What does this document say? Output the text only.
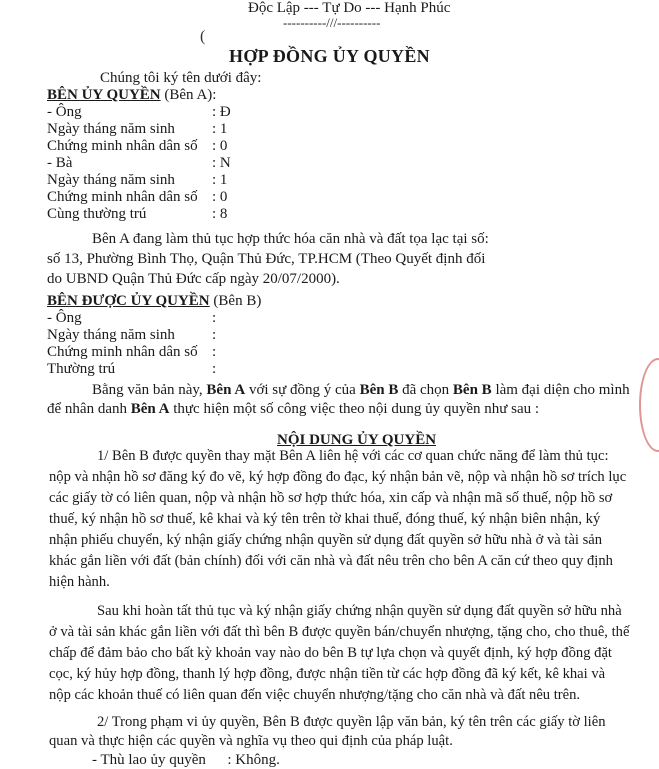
Độc Lập --- Tự Do --- Hạnh Phúc
----------///----------
(
HỢP ĐỒNG ỦY QUYỀN
Chúng tôi ký tên dưới đây:
BÊN ỦY QUYỀN (Bên A):
- Ông	: Đ
Ngày tháng năm sinh : 1
Chứng minh nhân dân số : 0
- Bà	: N
Ngày tháng năm sinh : 1
Chứng minh nhân dân số : 0
Cùng thường trú	: 8
Bên A đang làm thủ tục hợp thức hóa căn nhà và đất tọa lạc tại số:
số 13, Phường Bình Thọ, Quận Thủ Đức, TP.HCM (Theo Quyết định đối
do UBND Quận Thủ Đức cấp ngày 20/07/2000).
BÊN ĐƯỢC ỦY QUYỀN (Bên B)
- Ông	:
Ngày tháng năm sinh :
Chứng minh nhân dân số :
Thường trú	:
Bằng văn bản này, Bên A với sự đồng ý của Bên B đã chọn Bên B làm đại diện cho mình
để nhân danh Bên A thực hiện một số công việc theo nội dung ủy quyền như sau :
NỘI DUNG ỦY QUYỀN
1/ Bên B được quyền thay mặt Bên A liên hệ với các cơ quan chức năng để làm thủ tục:
nộp và nhận hồ sơ đăng ký đo vẽ, ký hợp đồng đo đạc, ký nhận bản vẽ, nộp và nhận hồ sơ trích lục
các giấy tờ có liên quan, nộp và nhận hồ sơ hợp thức hóa, xin cấp và nhận mã số thuế, nộp hồ sơ
thuế, ký nhận hồ sơ thuế, kê khai và ký tên trên tờ khai thuế, đóng thuế, ký nhận biên nhận, ký
nhận phiếu chuyển, ký nhận giấy chứng nhận quyền sử dụng đất quyền sở hữu nhà ở và tài sản
khác gắn liền với đất (bản chính) đối với căn nhà và đất nêu trên cho bên A căn cứ theo quy định
hiện hành.
Sau khi hoàn tất thủ tục và ký nhận giấy chứng nhận quyền sử dụng đất quyền sở hữu nhà
ở và tài sản khác gắn liền với đất thì bên B được quyền bán/chuyển nhượng, tặng cho, cho thuê, thế
chấp để đảm bảo cho bất kỳ khoản vay nào do bên B tự lựa chọn và quyết định, ký hợp đồng đặt
cọc, ký hủy hợp đồng, thanh lý hợp đồng, được nhận tiền từ các hợp đồng đã ký kết, kê khai và
nộp các khoản thuế có liên quan đến việc chuyển nhượng/tặng cho căn nhà và đất nêu trên.
2/ Trong phạm vi ủy quyền, Bên B được quyền lập văn bản, ký tên trên các giấy tờ liên
quan và thực hiện các quyền và nghĩa vụ theo qui định của pháp luật.
- Thù lao ủy quyền : Không.
